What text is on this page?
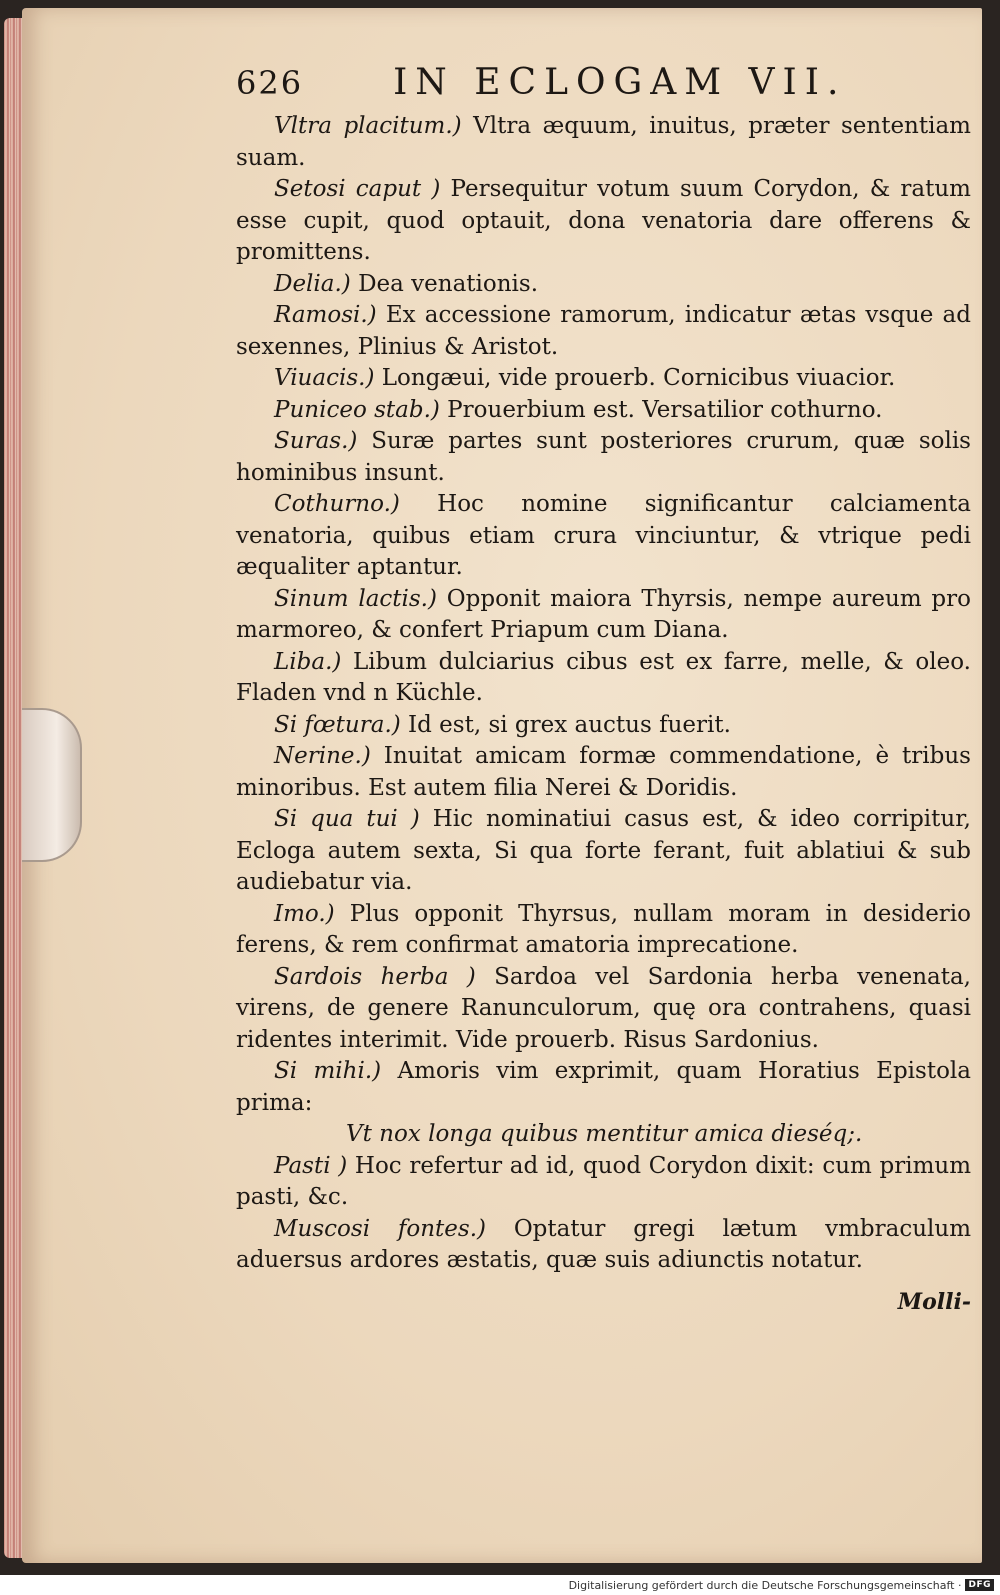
626	IN ECLOGAM VII.

Vltra placitum.) Vltra æquum, inuitus, præter sententiam suam.

Setosi caput ) Persequitur votum suum Corydon, & ratum esse cupit, quod optauit, dona venatoria dare offerens & promittens.

Delia.) Dea venationis.

Ramosi.) Ex accessione ramorum, indicatur ætas vsque ad sexennes, Plinius & Aristot.

Viuacis.) Longæui, vide prouerb. Cornicibus viuacior.

Puniceo stab.) Prouerbium est. Versatilior cothurno.

Suras.) Suræ partes sunt posteriores crurum, quæ solis hominibus insunt.

Cothurno.) Hoc nomine significantur calciamenta venatoria, quibus etiam crura vinciuntur, & vtrique pedi æqualiter aptantur.

Sinum lactis.) Opponit maiora Thyrsis, nempe aureum pro marmoreo, & confert Priapum cum Diana.

Liba.) Libum dulciarius cibus est ex farre, melle, & oleo. Fladen vnd n Küchle.

Si fœtura.) Id est, si grex auctus fuerit.

Nerine.) Inuitat amicam formæ commendatione, è tribus minoribus. Est autem filia Nerei & Doridis.

Si qua tui ) Hic nominatiui casus est, & ideo corripitur, Ecloga autem sexta, Si qua forte ferant, fuit ablatiui & sub audiebatur via.

Imo.) Plus opponit Thyrsus, nullam moram in desiderio ferens, & rem confirmat amatoria imprecatione.

Sardois herba ) Sardoa vel Sardonia herba venenata, virens, de genere Ranunculorum, quę ora contrahens, quasi ridentes interimit. Vide prouerb. Risus Sardonius.

Si mihi.) Amoris vim exprimit, quam Horatius Epistola prima:

Vt nox longa quibus mentitur amica dieséq;.

Pasti ) Hoc refertur ad id, quod Corydon dixit: cum primum pasti, &c.

Muscosi fontes.) Optatur gregi lætum vmbraculum aduersus ardores æstatis, quæ suis adiunctis notatur.

Molli-
Digitalisierung gefördert durch die Deutsche Forschungsgemeinschaft · DFG
